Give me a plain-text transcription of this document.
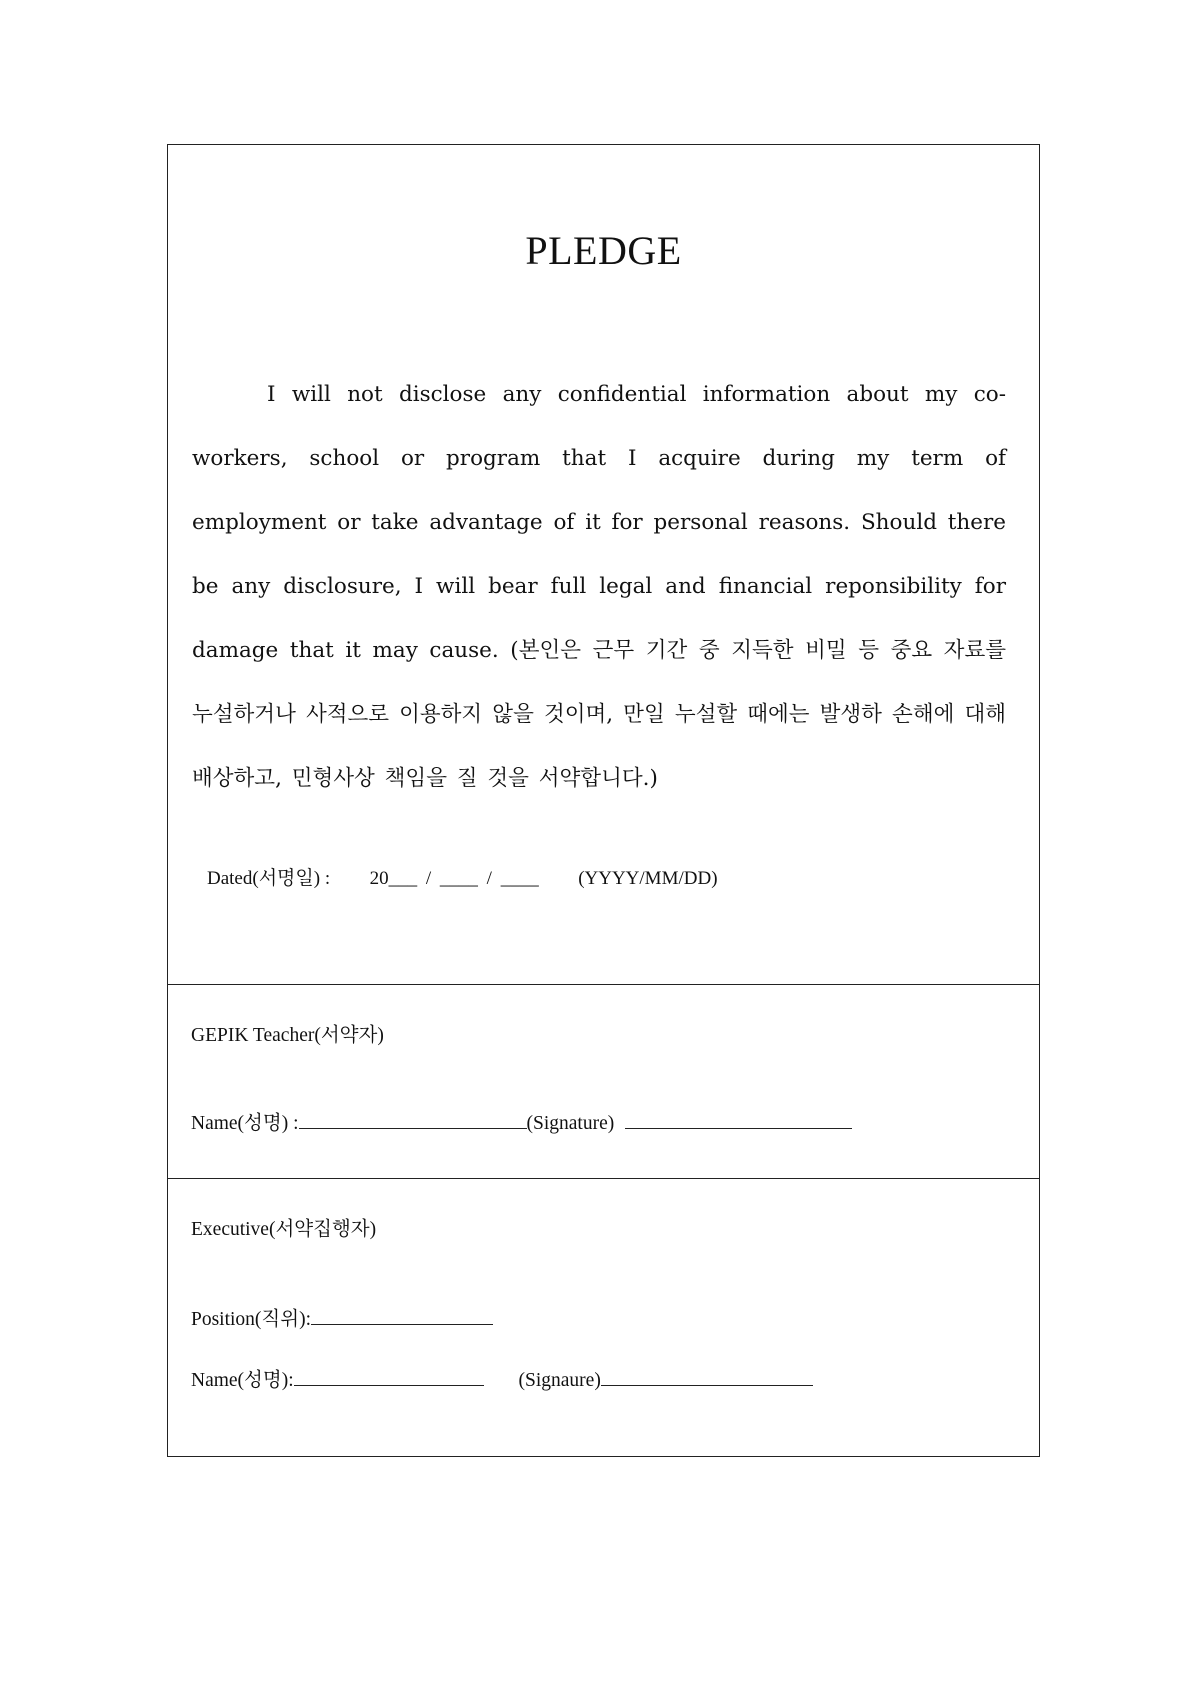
PLEDGE
I will not disclose any confidential information about my co-workers, school or program that I acquire during my term of employment or take advantage of it for personal reasons. Should there be any disclosure, I will bear full legal and financial reponsibility for damage that it may cause. (본인은 근무 기간 중 지득한 비밀 등 중요 자료를 누설하거나 사적으로 이용하지 않을 것이며, 만일 누설할 때에는 발생하 손해에 대해 배상하고, 민형사상 책임을 질 것을 서약합니다.)
Dated(서명일) : 20___ / ____ / ____ (YYYY/MM/DD)
GEPIK Teacher(서약자)
Name(성명) :	(Signature)
Executive(서약집행자)
Position(직위):
Name(성명):	(Signaure)
